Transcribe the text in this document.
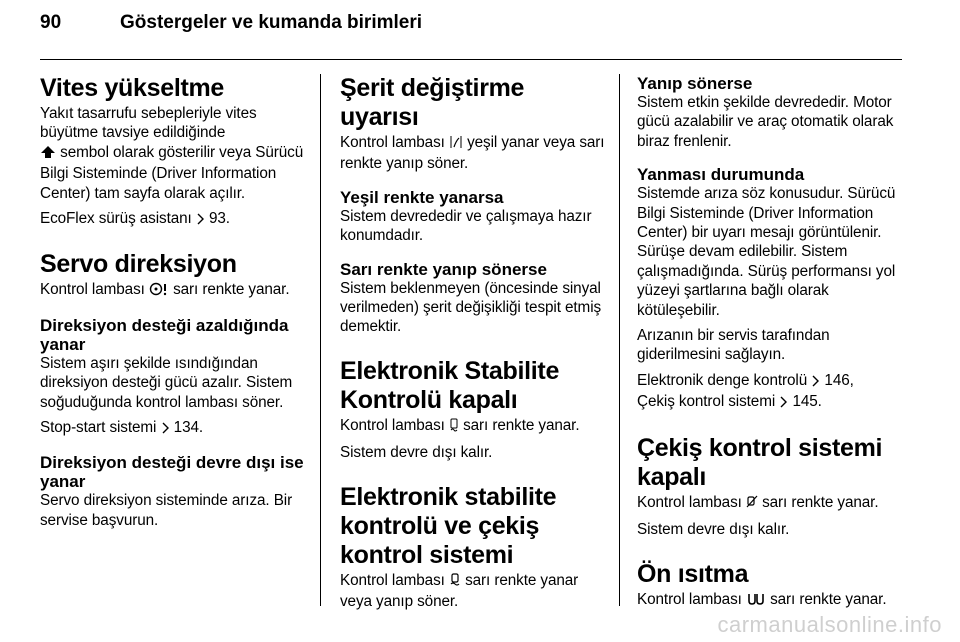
90	Göstergeler ve kumanda birimleri
Vites yükseltme

Yakıt tasarrufu sebepleriyle vites büyütme tavsiye edildiğinde
sembol olarak gösterilir veya Sürücü Bilgi Sisteminde (Driver Information Center) tam sayfa olarak açılır.

EcoFlex sürüş asistanı  93.

Servo direksiyon

Kontrol lambası  sarı renkte yanar.

Direksiyon desteği azaldığında yanar

Sistem aşırı şekilde ısındığından direksiyon desteği gücü azalır. Sistem soğuduğunda kontrol lambası söner.

Stop-start sistemi  134.

Direksiyon desteği devre dışı ise yanar

Servo direksiyon sisteminde arıza. Bir servise başvurun.

Şerit değiştirme uyarısı

Kontrol lambası  yeşil yanar veya sarı renkte yanıp söner.

Yeşil renkte yanarsa

Sistem devrededir ve çalışmaya hazır konumdadır.

Sarı renkte yanıp sönerse

Sistem beklenmeyen (öncesinde sinyal verilmeden) şerit değişikliği tespit etmiş demektir.

Elektronik Stabilite Kontrolü kapalı

Kontrol lambası  sarı renkte yanar.

Sistem devre dışı kalır.

Elektronik stabilite kontrolü ve çekiş kontrol sistemi

Kontrol lambası  sarı renkte yanar veya yanıp söner.

Yanıp sönerse

Sistem etkin şekilde devrededir. Motor gücü azalabilir ve araç otomatik olarak biraz frenlenir.

Yanması durumunda

Sistemde arıza söz konusudur. Sürücü Bilgi Sisteminde (Driver Information Center) bir uyarı mesajı görüntülenir. Sürüşe devam edilebilir. Sistem çalışmadığında. Sürüş performansı yol yüzeyi şartlarına bağlı olarak kötüleşebilir.

Arızanın bir servis tarafından giderilmesini sağlayın.

Elektronik denge kontrolü  146,
Çekiş kontrol sistemi  145.

Çekiş kontrol sistemi kapalı

Kontrol lambası  sarı renkte yanar.

Sistem devre dışı kalır.

Ön ısıtma

Kontrol lambası  sarı renkte yanar.

carmanualsonline.info
